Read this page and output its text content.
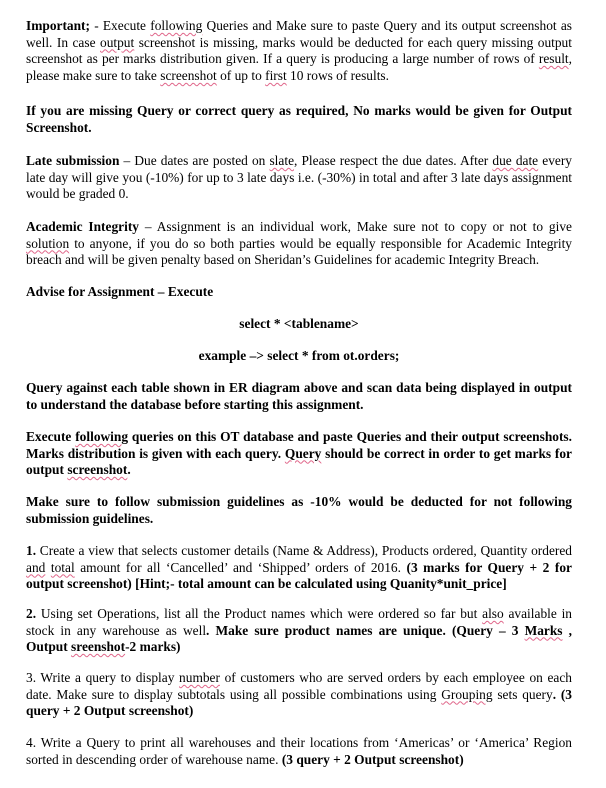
Important; - Execute following Queries and Make sure to paste Query and its output screenshot as well. In case output screenshot is missing, marks would be deducted for each query missing output screenshot as per marks distribution given. If a query is producing a large number of rows of result, please make sure to take screenshot of up to first 10 rows of results.

If you are missing Query or correct query as required, No marks would be given for Output Screenshot.

Late submission – Due dates are posted on slate, Please respect the due dates. After due date every late day will give you (-10%) for up to 3 late days i.e. (-30%) in total and after 3 late days assignment would be graded 0.

Academic Integrity – Assignment is an individual work, Make sure not to copy or not to give solution to anyone, if you do so both parties would be equally responsible for Academic Integrity breach and will be given penalty based on Sheridan’s Guidelines for academic Integrity Breach.

Advise for Assignment – Execute

select * <tablename>

example –> select * from ot.orders;

Query against each table shown in ER diagram above and scan data being displayed in output to understand the database before starting this assignment.

Execute following queries on this OT database and paste Queries and their output screenshots. Marks distribution is given with each query. Query should be correct in order to get marks for output screenshot.

Make sure to follow submission guidelines as -10% would be deducted for not following submission guidelines.

1. Create a view that selects customer details (Name & Address), Products ordered, Quantity ordered and total amount for all ‘Cancelled’ and ‘Shipped’ orders of 2016. (3 marks for Query + 2 for output screenshot) [Hint;- total amount can be calculated using Quanity*unit_price]

2. Using set Operations, list all the Product names which were ordered so far but also available in stock in any warehouse as well. Make sure product names are unique. (Query – 3 Marks , Output sreenshot-2 marks)

3. Write a query to display number of customers who are served orders by each employee on each date. Make sure to display subtotals using all possible combinations using Grouping sets query. (3 query + 2 Output screenshot)

4. Write a Query to print all warehouses and their locations from ‘Americas’ or ‘America’ Region sorted in descending order of warehouse name. (3 query + 2 Output screenshot)
